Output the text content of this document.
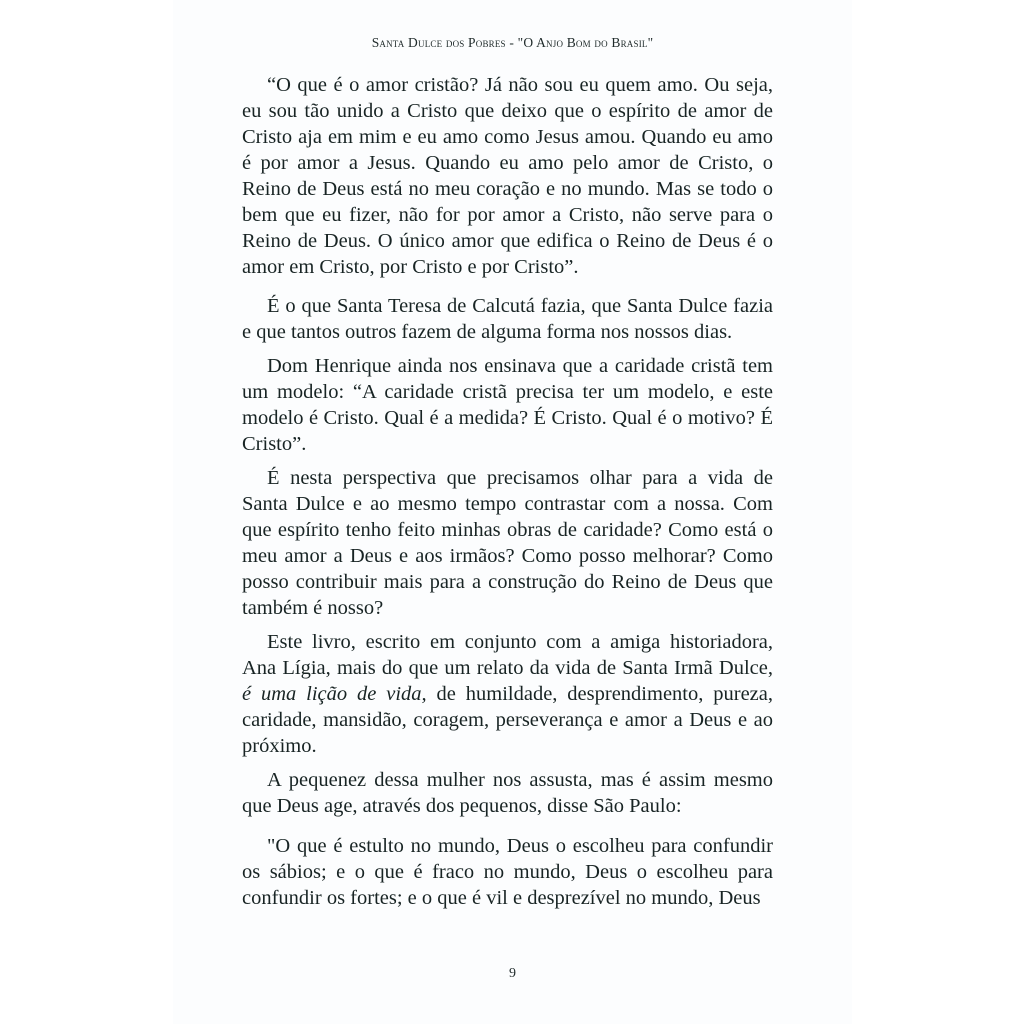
Santa Dulce dos Pobres - "O Anjo Bom do Brasil"

“O que é o amor cristão? Já não sou eu quem amo. Ou seja, eu sou tão unido a Cristo que deixo que o espírito de amor de Cristo aja em mim e eu amo como Jesus amou. Quando eu amo é por amor a Jesus. Quando eu amo pelo amor de Cristo, o Reino de Deus está no meu coração e no mundo. Mas se todo o bem que eu fizer, não for por amor a Cristo, não serve para o Reino de Deus. O único amor que edifica o Reino de Deus é o amor em Cristo, por Cristo e por Cristo”.

É o que Santa Teresa de Calcutá fazia, que Santa Dulce fazia e que tantos outros fazem de alguma forma nos nossos dias.

Dom Henrique ainda nos ensinava que a caridade cristã tem um modelo: “A caridade cristã precisa ter um modelo, e este modelo é Cristo. Qual é a medida? É Cristo. Qual é o motivo? É Cristo”.

É nesta perspectiva que precisamos olhar para a vida de Santa Dulce e ao mesmo tempo contrastar com a nossa. Com que espírito tenho feito minhas obras de caridade? Como está o meu amor a Deus e aos irmãos? Como posso melhorar? Como posso contribuir mais para a construção do Reino de Deus que também é nosso?

Este livro, escrito em conjunto com a amiga historiadora, Ana Lígia, mais do que um relato da vida de Santa Irmã Dulce, é uma lição de vida, de humildade, desprendimento, pureza, caridade, mansidão, coragem, perseverança e amor a Deus e ao próximo.

A pequenez dessa mulher nos assusta, mas é assim mesmo que Deus age, através dos pequenos, disse São Paulo:

"O que é estulto no mundo, Deus o escolheu para confundir os sábios; e o que é fraco no mundo, Deus o escolheu para confundir os fortes; e o que é vil e desprezível no mundo, Deus

9
